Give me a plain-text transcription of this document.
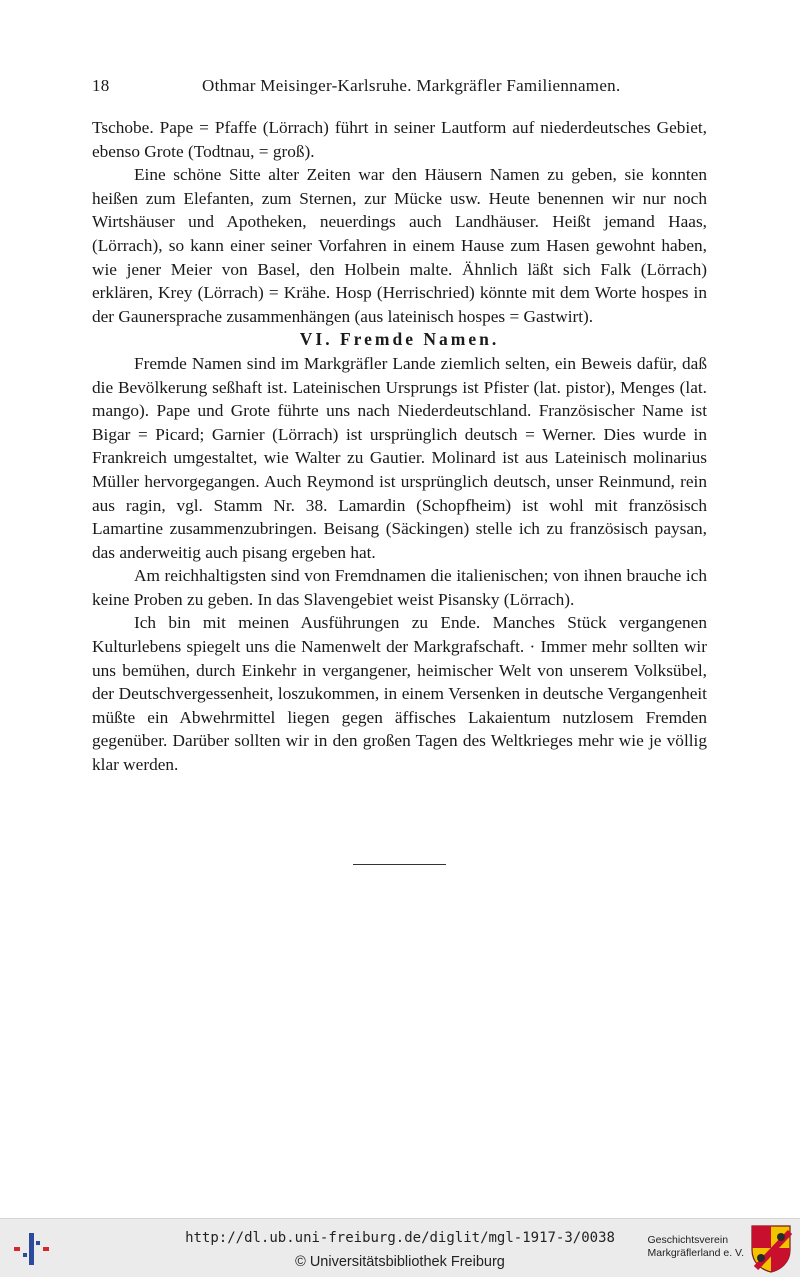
18	Othmar Meisinger-Karlsruhe. Markgräfler Familiennamen.

Tschobe. Pape = Pfaffe (Lörrach) führt in seiner Lautform auf niederdeutsches Gebiet, ebenso Grote (Todtnau, = groß).

Eine schöne Sitte alter Zeiten war den Häusern Namen zu geben, sie konnten heißen zum Elefanten, zum Sternen, zur Mücke usw. Heute benennen wir nur noch Wirtshäuser und Apotheken, neuerdings auch Landhäuser. Heißt jemand Haas, (Lörrach), so kann einer seiner Vorfahren in einem Hause zum Hasen gewohnt haben, wie jener Meier von Basel, den Holbein malte. Ähnlich läßt sich Falk (Lörrach) erklären, Krey (Lörrach) = Krähe. Hosp (Herrischried) könnte mit dem Worte hospes in der Gaunersprache zusammenhängen (aus lateinisch hospes = Gastwirt).

VI. Fremde Namen.

Fremde Namen sind im Markgräfler Lande ziemlich selten, ein Beweis dafür, daß die Bevölkerung seßhaft ist. Lateinischen Ursprungs ist Pfister (lat. pistor), Menges (lat. mango). Pape und Grote führte uns nach Niederdeutschland. Französischer Name ist Bigar = Picard; Garnier (Lörrach) ist ursprünglich deutsch = Werner. Dies wurde in Frankreich umgestaltet, wie Walter zu Gautier. Molinard ist aus Lateinisch molinarius Müller hervorgegangen. Auch Reymond ist ursprünglich deutsch, unser Reinmund, rein aus ragin, vgl. Stamm Nr. 38. Lamardin (Schopfheim) ist wohl mit französisch Lamartine zusammenzubringen. Beisang (Säckingen) stelle ich zu französisch paysan, das anderweitig auch pisang ergeben hat.

Am reichhaltigsten sind von Fremdnamen die italienischen; von ihnen brauche ich keine Proben zu geben. In das Slavengebiet weist Pisansky (Lörrach).

Ich bin mit meinen Ausführungen zu Ende. Manches Stück vergangenen Kulturlebens spiegelt uns die Namenwelt der Markgrafschaft. · Immer mehr sollten wir uns bemühen, durch Einkehr in vergangener, heimischer Welt von unserem Volksübel, der Deutschvergessenheit, loszukommen, in einem Versenken in deutsche Vergangenheit müßte ein Abwehrmittel liegen gegen äffisches Lakaientum nutzlosem Fremden gegenüber. Darüber sollten wir in den großen Tagen des Weltkrieges mehr wie je völlig klar werden.

http://dl.ub.uni-freiburg.de/diglit/mgl-1917-3/0038
© Universitätsbibliothek Freiburg
Geschichtsverein
Markgräflerland e. V.
